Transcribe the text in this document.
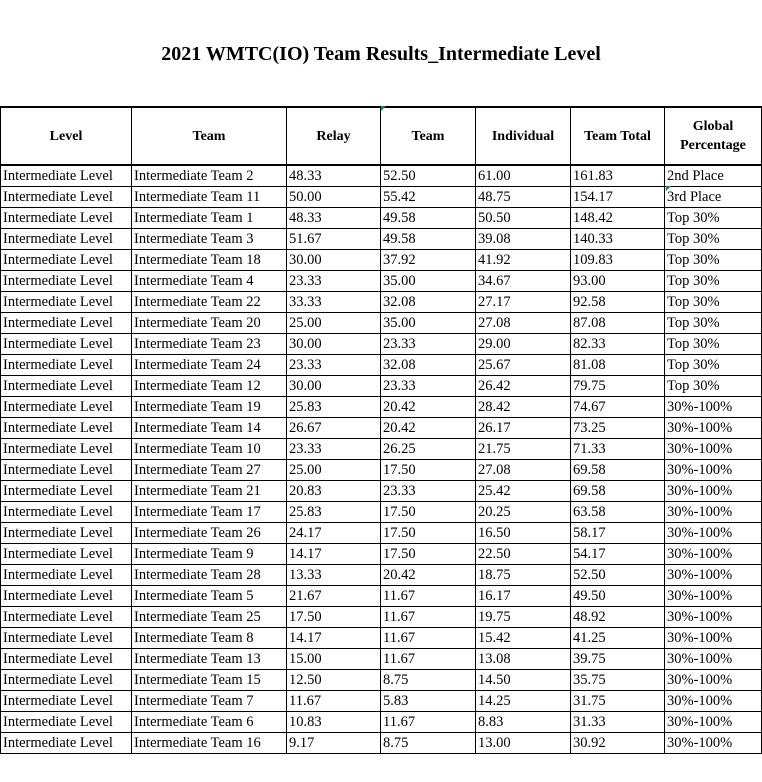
2021 WMTC(IO) Team Results_Intermediate Level
Level	Team	Relay	Team	Individual	Team Total	Global Percentage
Intermediate Level	Intermediate Team 2	48.33	52.50	61.00	161.83	2nd Place
Intermediate Level	Intermediate Team 11	50.00	55.42	48.75	154.17	3rd Place
Intermediate Level	Intermediate Team 1	48.33	49.58	50.50	148.42	Top 30%
Intermediate Level	Intermediate Team 3	51.67	49.58	39.08	140.33	Top 30%
Intermediate Level	Intermediate Team 18	30.00	37.92	41.92	109.83	Top 30%
Intermediate Level	Intermediate Team 4	23.33	35.00	34.67	93.00	Top 30%
Intermediate Level	Intermediate Team 22	33.33	32.08	27.17	92.58	Top 30%
Intermediate Level	Intermediate Team 20	25.00	35.00	27.08	87.08	Top 30%
Intermediate Level	Intermediate Team 23	30.00	23.33	29.00	82.33	Top 30%
Intermediate Level	Intermediate Team 24	23.33	32.08	25.67	81.08	Top 30%
Intermediate Level	Intermediate Team 12	30.00	23.33	26.42	79.75	Top 30%
Intermediate Level	Intermediate Team 19	25.83	20.42	28.42	74.67	30%-100%
Intermediate Level	Intermediate Team 14	26.67	20.42	26.17	73.25	30%-100%
Intermediate Level	Intermediate Team 10	23.33	26.25	21.75	71.33	30%-100%
Intermediate Level	Intermediate Team 27	25.00	17.50	27.08	69.58	30%-100%
Intermediate Level	Intermediate Team 21	20.83	23.33	25.42	69.58	30%-100%
Intermediate Level	Intermediate Team 17	25.83	17.50	20.25	63.58	30%-100%
Intermediate Level	Intermediate Team 26	24.17	17.50	16.50	58.17	30%-100%
Intermediate Level	Intermediate Team 9	14.17	17.50	22.50	54.17	30%-100%
Intermediate Level	Intermediate Team 28	13.33	20.42	18.75	52.50	30%-100%
Intermediate Level	Intermediate Team 5	21.67	11.67	16.17	49.50	30%-100%
Intermediate Level	Intermediate Team 25	17.50	11.67	19.75	48.92	30%-100%
Intermediate Level	Intermediate Team 8	14.17	11.67	15.42	41.25	30%-100%
Intermediate Level	Intermediate Team 13	15.00	11.67	13.08	39.75	30%-100%
Intermediate Level	Intermediate Team 15	12.50	8.75	14.50	35.75	30%-100%
Intermediate Level	Intermediate Team 7	11.67	5.83	14.25	31.75	30%-100%
Intermediate Level	Intermediate Team 6	10.83	11.67	8.83	31.33	30%-100%
Intermediate Level	Intermediate Team 16	9.17	8.75	13.00	30.92	30%-100%
